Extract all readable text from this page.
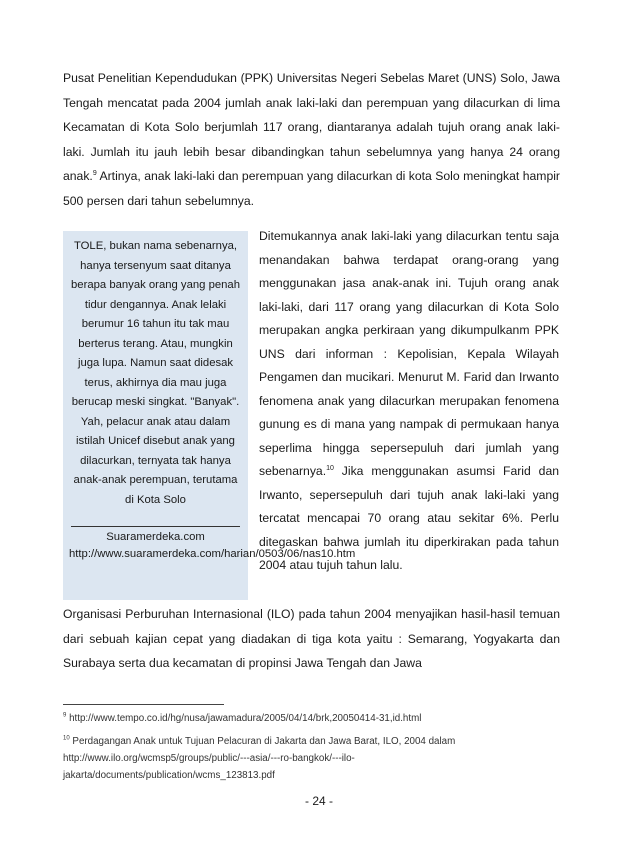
Pusat Penelitian Kependudukan (PPK) Universitas Negeri Sebelas Maret (UNS) Solo, Jawa Tengah mencatat pada 2004 jumlah anak laki-laki dan perempuan yang dilacurkan di lima Kecamatan di Kota Solo berjumlah 117 orang, diantaranya adalah tujuh orang anak laki-laki. Jumlah itu jauh lebih besar dibandingkan tahun sebelumnya yang hanya 24 orang anak.$^9$ Artinya, anak laki-laki dan perempuan yang dilacurkan di kota Solo meningkat hampir 500 persen dari tahun sebelumnya.

TOLE, bukan nama sebenarnya, hanya tersenyum saat ditanya berapa banyak orang yang penah tidur dengannya. Anak lelaki berumur 16 tahun itu tak mau berterus terang. Atau, mungkin juga lupa. Namun saat didesak terus, akhirnya dia mau juga berucap meski singkat. "Banyak". Yah, pelacur anak atau dalam istilah Unicef disebut anak yang dilacurkan, ternyata tak hanya anak-anak perempuan, terutama di Kota Solo

Suaramerdeka.com
http://www.suaramerdeka.com/harian/0503/06/nas10.htm

Ditemukannya anak laki-laki yang dilacurkan tentu saja menandakan bahwa terdapat orang-orang yang menggunakan jasa anak-anak ini. Tujuh orang anak laki-laki, dari 117 orang yang dilacurkan di Kota Solo merupakan angka perkiraan yang dikumpulkanm PPK UNS dari informan : Kepolisian, Kepala Wilayah Pengamen dan mucikari. Menurut M. Farid dan Irwanto fenomena anak yang dilacurkan merupakan fenomena gunung es di mana yang nampak di permukaan hanya seperlima hingga sepersepuluh dari jumlah yang sebenarnya.$^{10}$ Jika menggunakan asumsi Farid dan Irwanto, sepersepuluh dari tujuh anak laki-laki yang tercatat mencapai 70 orang atau sekitar 6%. Perlu ditegaskan bahwa jumlah itu diperkirakan pada tahun 2004 atau tujuh tahun lalu.

Organisasi Perburuhan Internasional (ILO) pada tahun 2004 menyajikan hasil-hasil temuan dari sebuah kajian cepat yang diadakan di tiga kota yaitu : Semarang, Yogyakarta dan Surabaya serta dua kecamatan di propinsi Jawa Tengah dan Jawa

$^9$ http://www.tempo.co.id/hg/nusa/jawamadura/2005/04/14/brk,20050414-31,id.html

$^{10}$ Perdagangan Anak untuk Tujuan Pelacuran di Jakarta dan Jawa Barat, ILO, 2004 dalam http://www.ilo.org/wcmsp5/groups/public/---asia/---ro-bangkok/---ilo-jakarta/documents/publication/wcms_123813.pdf

- 24 -
